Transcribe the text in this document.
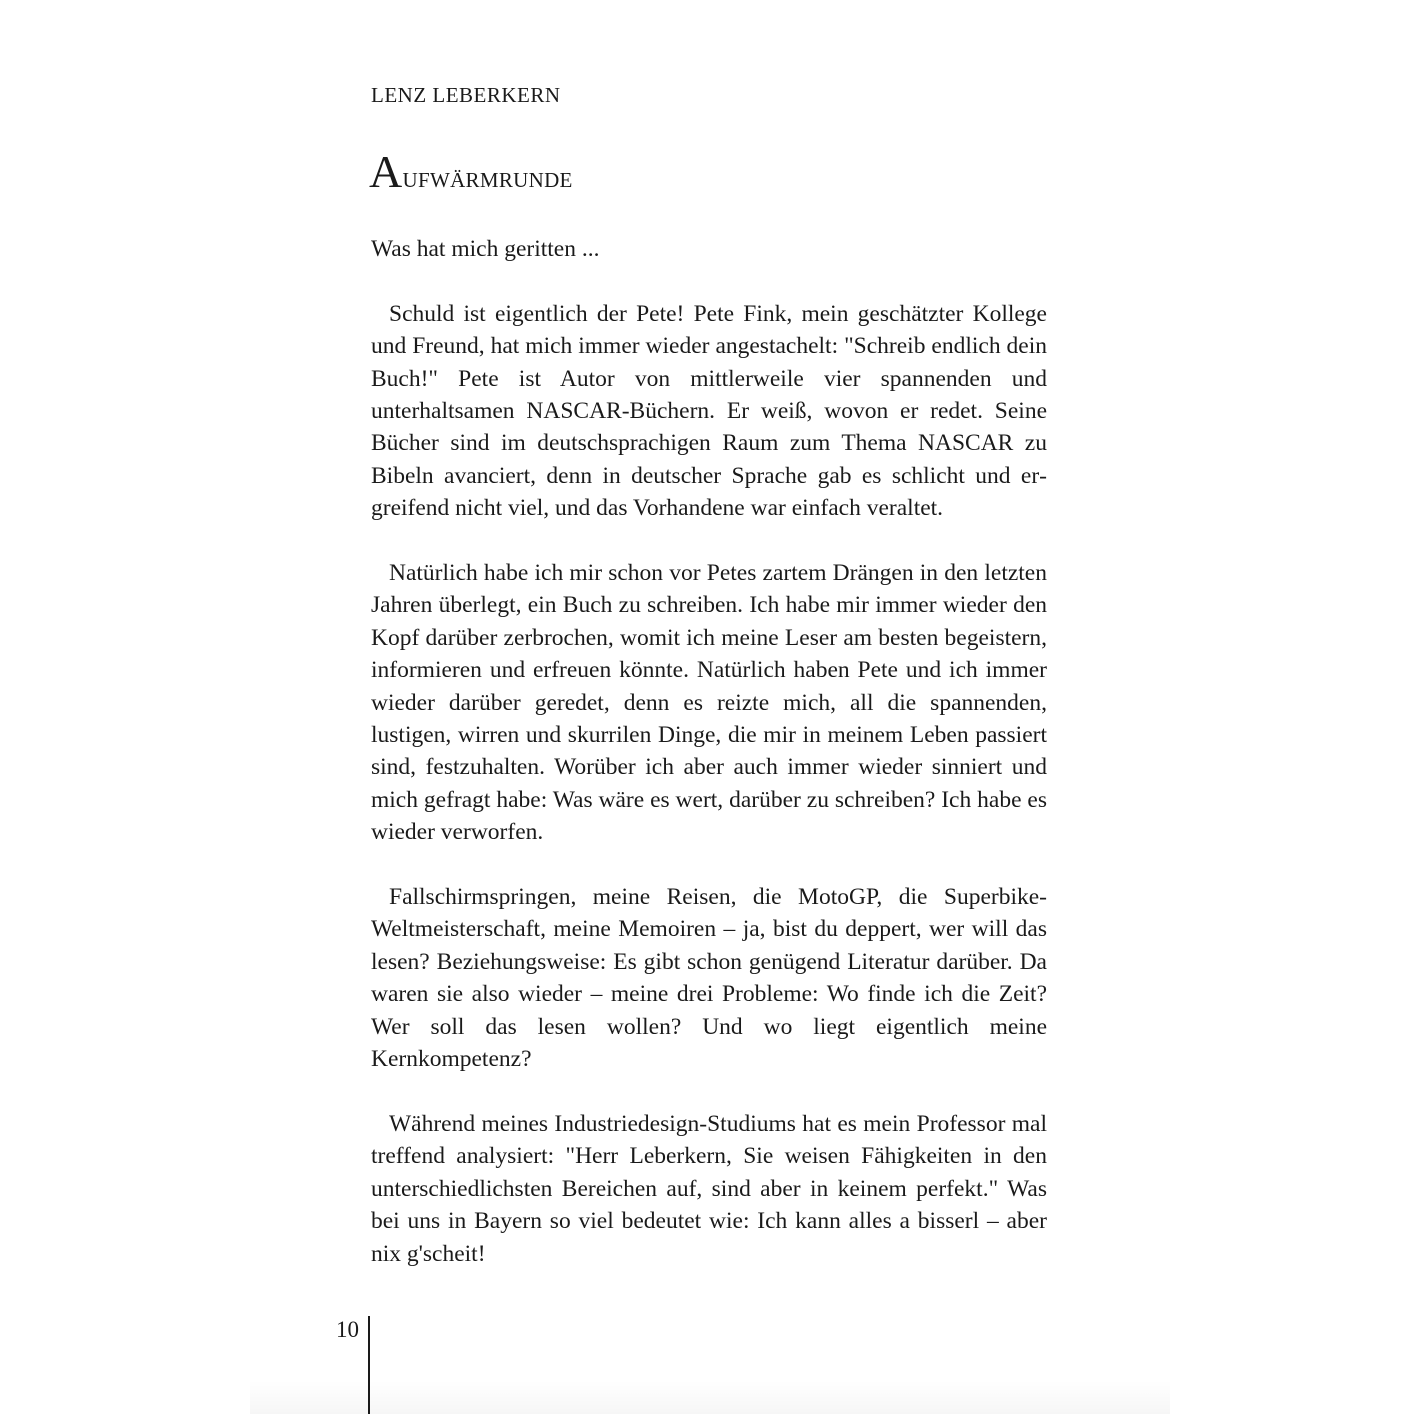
LENZ LEBERKERN
Aufwärmrunde

Was hat mich geritten ...

Schuld ist eigentlich der Pete! Pete Fink, mein geschätzter Kollege und Freund, hat mich immer wieder angestachelt: "Schreib endlich dein Buch!" Pete ist Autor von mittlerweile vier spannenden und unterhaltsamen NASCAR-Büchern. Er weiß, wovon er redet. Seine Bücher sind im deutschsprachigen Raum zum Thema NASCAR zu Bibeln avanciert, denn in deutscher Sprache gab es schlicht und ergreifend nicht viel, und das Vorhandene war einfach veraltet.

Natürlich habe ich mir schon vor Petes zartem Drängen in den letzten Jahren überlegt, ein Buch zu schreiben. Ich habe mir immer wieder den Kopf darüber zerbrochen, womit ich meine Leser am besten begeistern, informieren und erfreuen könnte. Natürlich haben Pete und ich immer wieder darüber geredet, denn es reizte mich, all die spannenden, lustigen, wirren und skurrilen Dinge, die mir in meinem Leben passiert sind, festzuhalten. Worüber ich aber auch immer wieder sinniert und mich gefragt habe: Was wäre es wert, darüber zu schreiben? Ich habe es wieder verworfen.

Fallschirmspringen, meine Reisen, die MotoGP, die Superbike-Weltmeisterschaft, meine Memoiren – ja, bist du deppert, wer will das lesen? Beziehungsweise: Es gibt schon genügend Literatur darüber. Da waren sie also wieder – meine drei Probleme: Wo finde ich die Zeit? Wer soll das lesen wollen? Und wo liegt eigentlich meine Kernkompetenz?

Während meines Industriedesign-Studiums hat es mein Professor mal treffend analysiert: "Herr Leberkern, Sie weisen Fähigkeiten in den unterschiedlichsten Bereichen auf, sind aber in keinem perfekt." Was bei uns in Bayern so viel bedeutet wie: Ich kann alles a bisserl – aber nix g'scheit!

10
